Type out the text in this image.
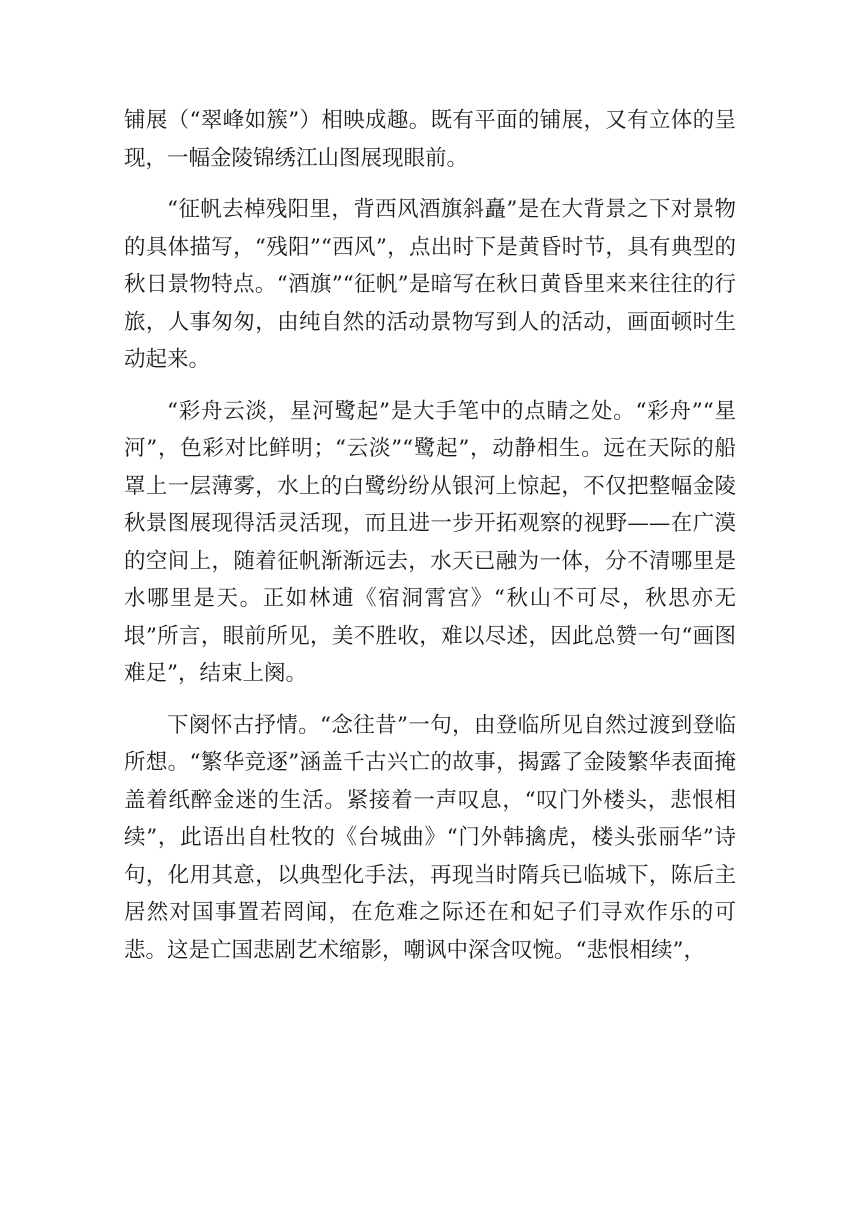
铺展（“翠峰如簇”）相映成趣。既有平面的铺展，又有立体的呈现，一幅金陵锦绣江山图展现眼前。

“征帆去棹残阳里，背西风酒旗斜矗”是在大背景之下对景物的具体描写，“残阳”“西风”，点出时下是黄昏时节，具有典型的秋日景物特点。“酒旗”“征帆”是暗写在秋日黄昏里来来往往的行旅，人事匆匆，由纯自然的活动景物写到人的活动，画面顿时生动起来。

“彩舟云淡，星河鹭起”是大手笔中的点睛之处。“彩舟”“星河”，色彩对比鲜明；“云淡”“鹭起”，动静相生。远在天际的船罩上一层薄雾，水上的白鹭纷纷从银河上惊起，不仅把整幅金陵秋景图展现得活灵活现，而且进一步开拓观察的视野——在广漠的空间上，随着征帆渐渐远去，水天已融为一体，分不清哪里是水哪里是天。正如林逋《宿洞霄宫》“秋山不可尽，秋思亦无垠”所言，眼前所见，美不胜收，难以尽述，因此总赞一句“画图难足”，结束上阕。

下阕怀古抒情。“念往昔”一句，由登临所见自然过渡到登临所想。“繁华竞逐”涵盖千古兴亡的故事，揭露了金陵繁华表面掩盖着纸醉金迷的生活。紧接着一声叹息，“叹门外楼头，悲恨相续”，此语出自杜牧的《台城曲》“门外韩擒虎，楼头张丽华”诗句，化用其意，以典型化手法，再现当时隋兵已临城下，陈后主居然对国事置若罔闻，在危难之际还在和妃子们寻欢作乐的可悲。这是亡国悲剧艺术缩影，嘲讽中深含叹惋。“悲恨相续”，
